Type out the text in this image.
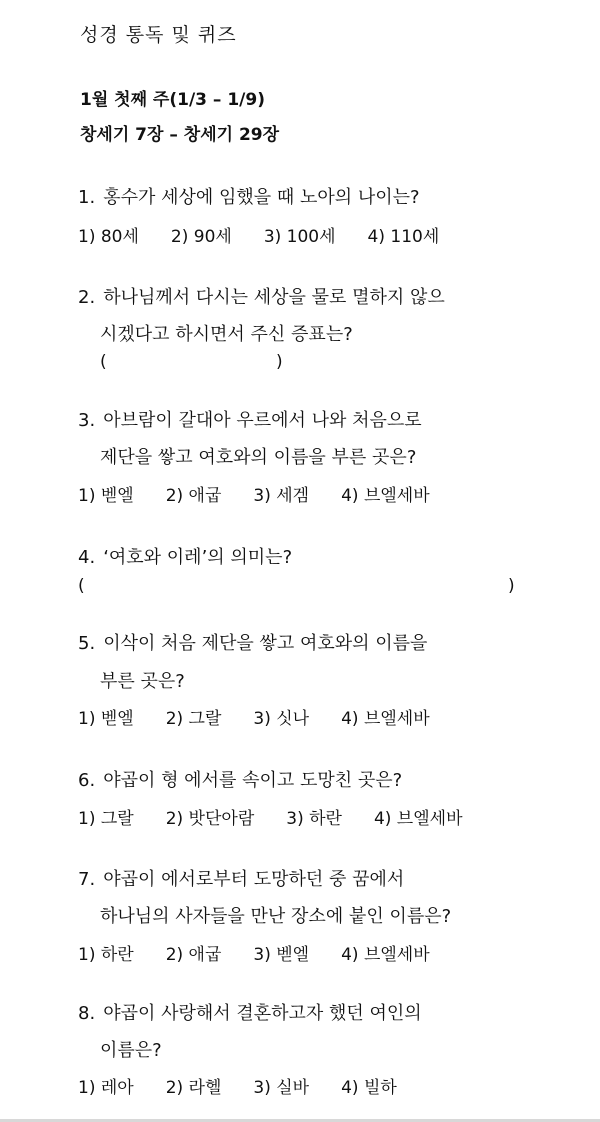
성경 통독 및 퀴즈
1월 첫째 주(1/3 – 1/9)
창세기 7장 – 창세기 29장
1. 홍수가 세상에 임했을 때 노아의 나이는?
1) 80세 2) 90세 3) 100세 4) 110세
2. 하나님께서 다시는 세상을 물로 멸하지 않으
시겠다고 하시면서 주신 증표는?
(	)
3. 아브람이 갈대아 우르에서 나와 처음으로
제단을 쌓고 여호와의 이름을 부른 곳은?
1) 벧엘 2) 애굽 3) 세겜 4) 브엘세바
4. ‘여호와 이레’의 의미는?
(	)
5. 이삭이 처음 제단을 쌓고 여호와의 이름을
부른 곳은?
1) 벧엘 2) 그랄 3) 싯나 4) 브엘세바
6. 야곱이 형 에서를 속이고 도망친 곳은?
1) 그랄 2) 밧단아람 3) 하란 4) 브엘세바
7. 야곱이 에서로부터 도망하던 중 꿈에서
하나님의 사자들을 만난 장소에 붙인 이름은?
1) 하란 2) 애굽 3) 벧엘 4) 브엘세바
8. 야곱이 사랑해서 결혼하고자 했던 여인의
이름은?
1) 레아 2) 라헬 3) 실바 4) 빌하
